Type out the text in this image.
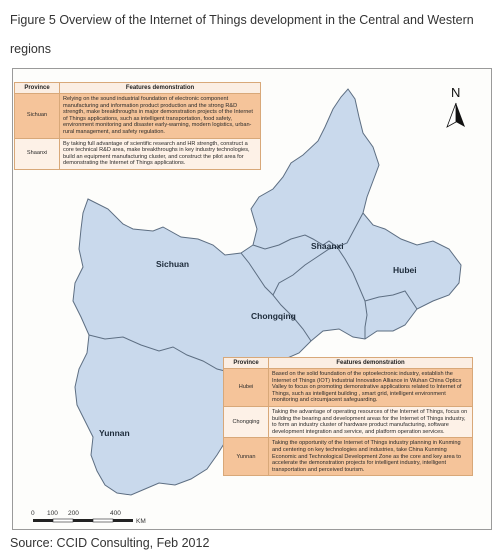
Figure 5 Overview of the Internet of Things development in the Central and Western regions
Sichuan
Shaanxi
Hubei
Chongqing
Yunnan
N
0 100 200	400
KM
Province	Features demonstration
Sichuan	Relying on the sound industrial foundation of electronic component manufacturing and information product production and the strong R&D strength, make breakthroughs in major demonstration projects of the Internet of Things applications, such as intelligent transportation, food safety, environment monitoring and disaster early-warning, modern logistics, urban-rural management, and safety regulation.
Shaanxi	By taking full advantage of scientific research and HR strength, construct a core technical R&D area, make breakthroughs in key industry technologies, build an equipment manufacturing cluster, and construct the pilot area for demonstrating the Internet of Things applications.
Province	Features demonstration
Hubei	Based on the solid foundation of the optoelectronic industry, establish the Internet of Things (IOT) Industrial Innovation Alliance in Wuhan China Optics Valley to focus on promoting demonstrative applications related to Internet of Things, such as intelligent building , smart grid, intelligent environment monitoring and circumjacent safeguarding.
Chongqing	Taking the advantage of operating resources of the Internet of Things, focus on building the bearing and development areas for the Internet of Things industry, to form an industry cluster of hardware product manufacturing, software development integration and service, and platform operation services.
Yunnan	Taking the opportunity of the Internet of Things industry planning in Kunming and centering on key technologies and industries, take China Kunming Economic and Technological Development Zone as the core and key area to accelerate the demonstration projects for intelligent industry, intelligent transportation and perceived tourism.
Source: CCID Consulting, Feb 2012
